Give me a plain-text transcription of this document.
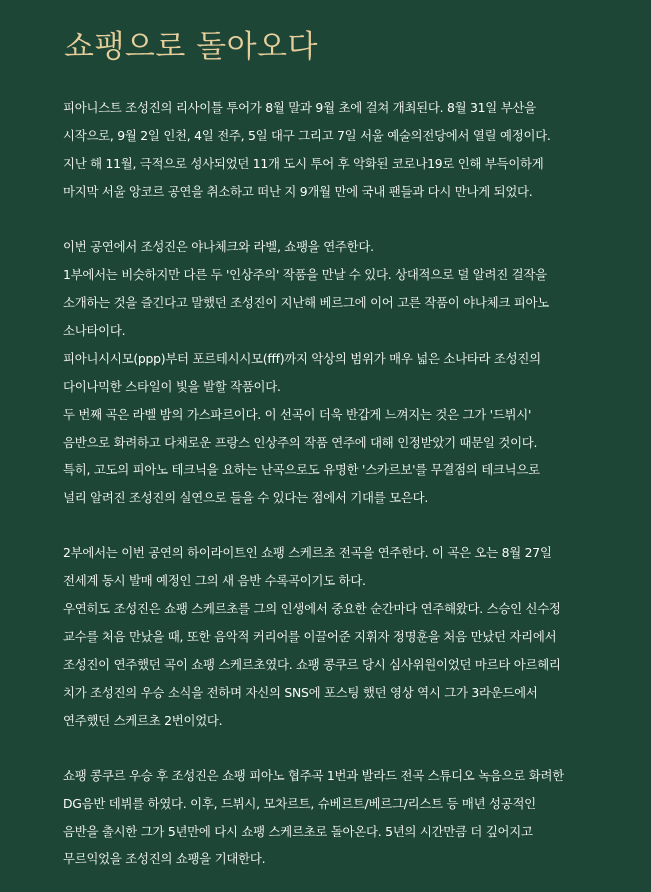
쇼팽으로 돌아오다

피아니스트 조성진의 리사이틀 투어가 8월 말과 9월 초에 걸쳐 개최된다. 8월 31일 부산을

시작으로, 9월 2일 인천, 4일 전주, 5일 대구 그리고 7일 서울 예술의전당에서 열릴 예정이다.

지난 해 11월, 극적으로 성사되었던 11개 도시 투어 후 악화된 코로나19로 인해 부득이하게

마지막 서울 앙코르 공연을 취소하고 떠난 지 9개월 만에 국내 팬들과 다시 만나게 되었다.

이번 공연에서 조성진은 야나체크와 라벨, 쇼팽을 연주한다.

1부에서는 비슷하지만 다른 두 '인상주의' 작품을 만날 수 있다. 상대적으로 덜 알려진 걸작을

소개하는 것을 즐긴다고 말했던 조성진이 지난해 베르그에 이어 고른 작품이 야나체크 피아노

소나타이다.

피아니시시모(ppp)부터 포르테시시모(fff)까지 악상의 범위가 매우 넓은 소나타라 조성진의

다이나믹한 스타일이 빛을 발할 작품이다.

두 번째 곡은 라벨 밤의 가스파르이다. 이 선곡이 더욱 반갑게 느껴지는 것은 그가 '드뷔시'

음반으로 화려하고 다채로운 프랑스 인상주의 작품 연주에 대해 인정받았기 때문일 것이다.

특히, 고도의 피아노 테크닉을 요하는 난곡으로도 유명한 '스카르보'를 무결점의 테크닉으로

널리 알려진 조성진의 실연으로 들을 수 있다는 점에서 기대를 모은다.

2부에서는 이번 공연의 하이라이트인 쇼팽 스케르초 전곡을 연주한다. 이 곡은 오는 8월 27일

전세계 동시 발매 예정인 그의 새 음반 수록곡이기도 하다.

우연히도 조성진은 쇼팽 스케르초를 그의 인생에서 중요한 순간마다 연주해왔다. 스승인 신수정

교수를 처음 만났을 때, 또한 음악적 커리어를 이끌어준 지휘자 정명훈을 처음 만났던 자리에서

조성진이 연주했던 곡이 쇼팽 스케르초였다. 쇼팽 콩쿠르 당시 심사위원이었던 마르타 아르헤리

치가 조성진의 우승 소식을 전하며 자신의 SNS에 포스팅 했던 영상 역시 그가 3라운드에서

연주했던 스케르초 2번이었다.

쇼팽 콩쿠르 우승 후 조성진은 쇼팽 피아노 협주곡 1번과 발라드 전곡 스튜디오 녹음으로 화려한

DG음반 데뷔를 하였다. 이후, 드뷔시, 모차르트, 슈베르트/베르그/리스트 등 매년 성공적인

음반을 출시한 그가 5년만에 다시 쇼팽 스케르초로 돌아온다. 5년의 시간만큼 더 깊어지고

무르익었을 조성진의 쇼팽을 기대한다.
